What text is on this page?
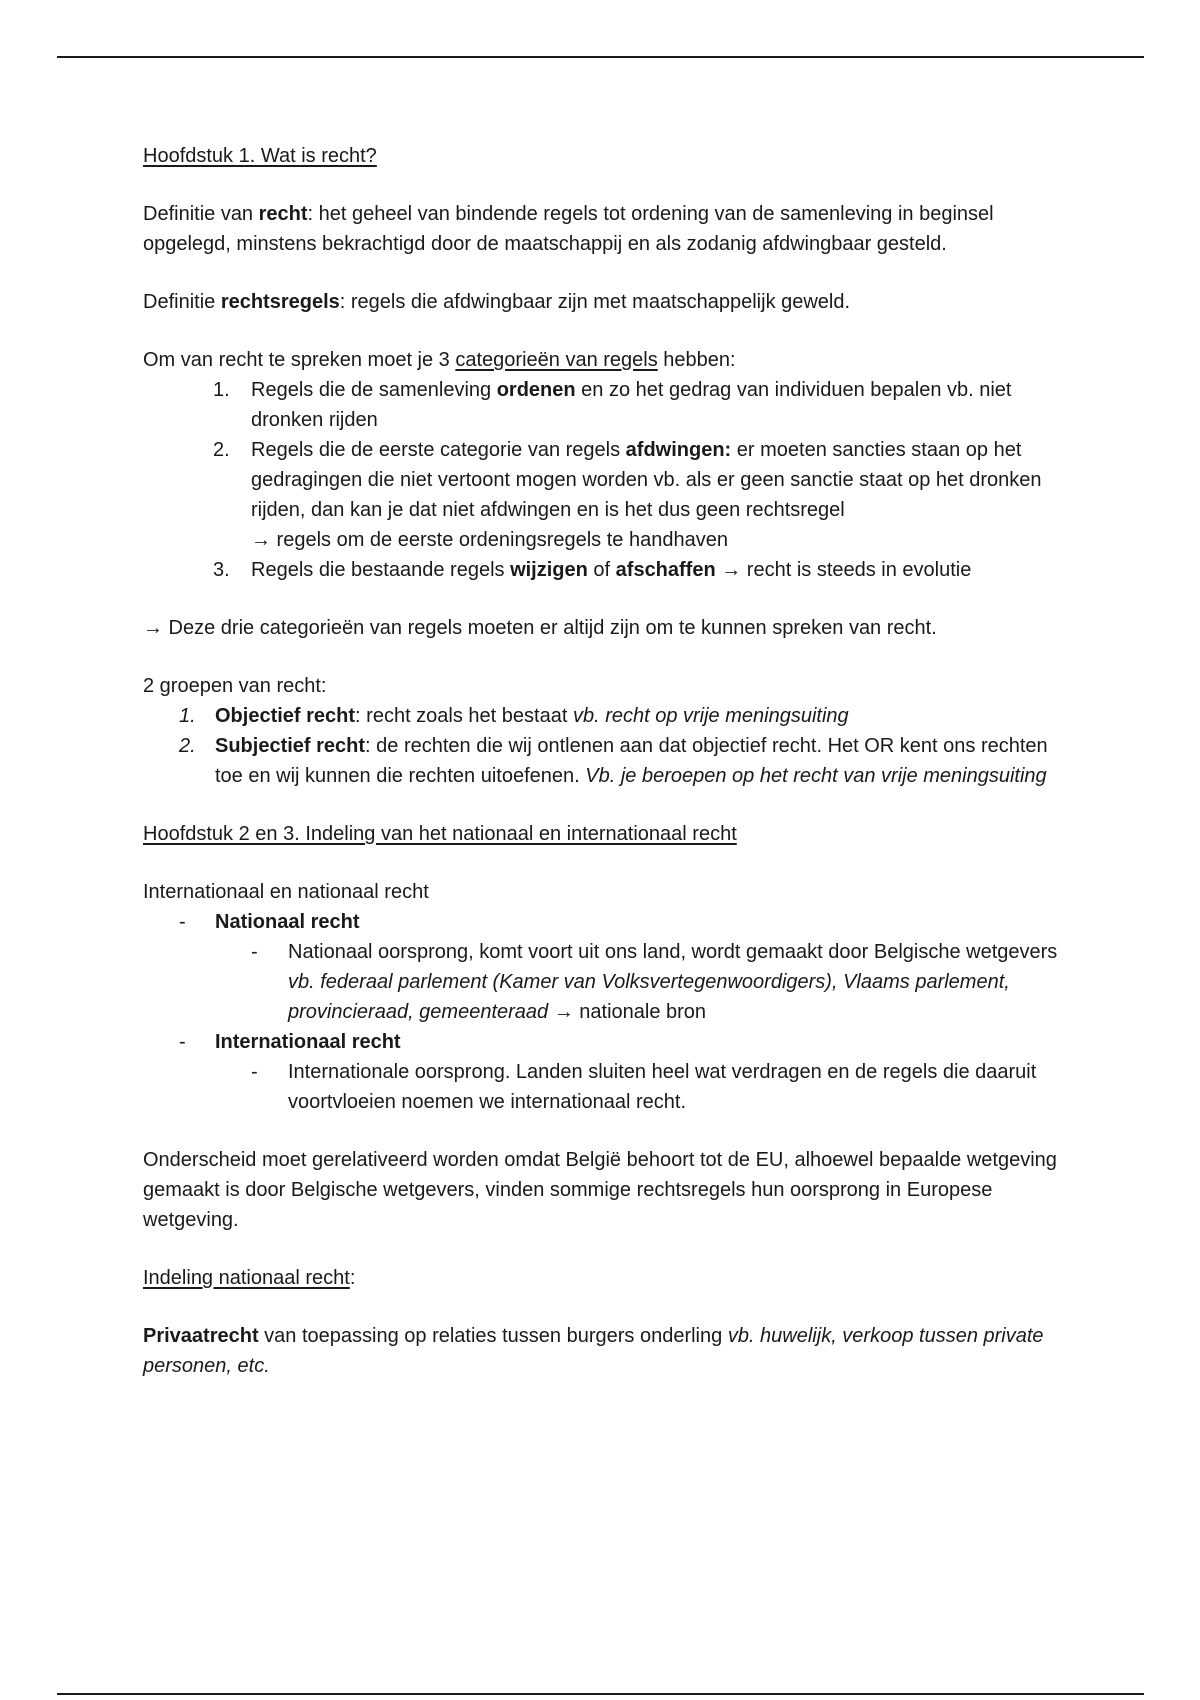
Hoofdstuk 1. Wat is recht?

Definitie van recht: het geheel van bindende regels tot ordening van de samenleving in beginsel opgelegd, minstens bekrachtigd door de maatschappij en als zodanig afdwingbaar gesteld.

Definitie rechtsregels: regels die afdwingbaar zijn met maatschappelijk geweld.

Om van recht te spreken moet je 3 categorieën van regels hebben:

1. Regels die de samenleving ordenen en zo het gedrag van individuen bepalen vb. niet dronken rijden
2. Regels die de eerste categorie van regels afdwingen: er moeten sancties staan op het gedragingen die niet vertoont mogen worden vb. als er geen sanctie staat op het dronken rijden, dan kan je dat niet afdwingen en is het dus geen rechtsregel
→ regels om de eerste ordeningsregels te handhaven
3. Regels die bestaande regels wijzigen of afschaffen → recht is steeds in evolutie

→ Deze drie categorieën van regels moeten er altijd zijn om te kunnen spreken van recht.

2 groepen van recht:

1. Objectief recht: recht zoals het bestaat vb. recht op vrije meningsuiting
2. Subjectief recht: de rechten die wij ontlenen aan dat objectief recht. Het OR kent ons rechten toe en wij kunnen die rechten uitoefenen. Vb. je beroepen op het recht van vrije meningsuiting

Hoofdstuk 2 en 3. Indeling van het nationaal en internationaal recht

Internationaal en nationaal recht

- Nationaal recht
- Nationaal oorsprong, komt voort uit ons land, wordt gemaakt door Belgische wetgevers vb. federaal parlement (Kamer van Volksvertegenwoordigers), Vlaams parlement, provincieraad, gemeenteraad → nationale bron
- Internationaal recht
- Internationale oorsprong. Landen sluiten heel wat verdragen en de regels die daaruit voortvloeien noemen we internationaal recht.

Onderscheid moet gerelativeerd worden omdat België behoort tot de EU, alhoewel bepaalde wetgeving gemaakt is door Belgische wetgevers, vinden sommige rechtsregels hun oorsprong in Europese wetgeving.

Indeling nationaal recht:

Privaatrecht van toepassing op relaties tussen burgers onderling vb. huwelijk, verkoop tussen private personen, etc.
